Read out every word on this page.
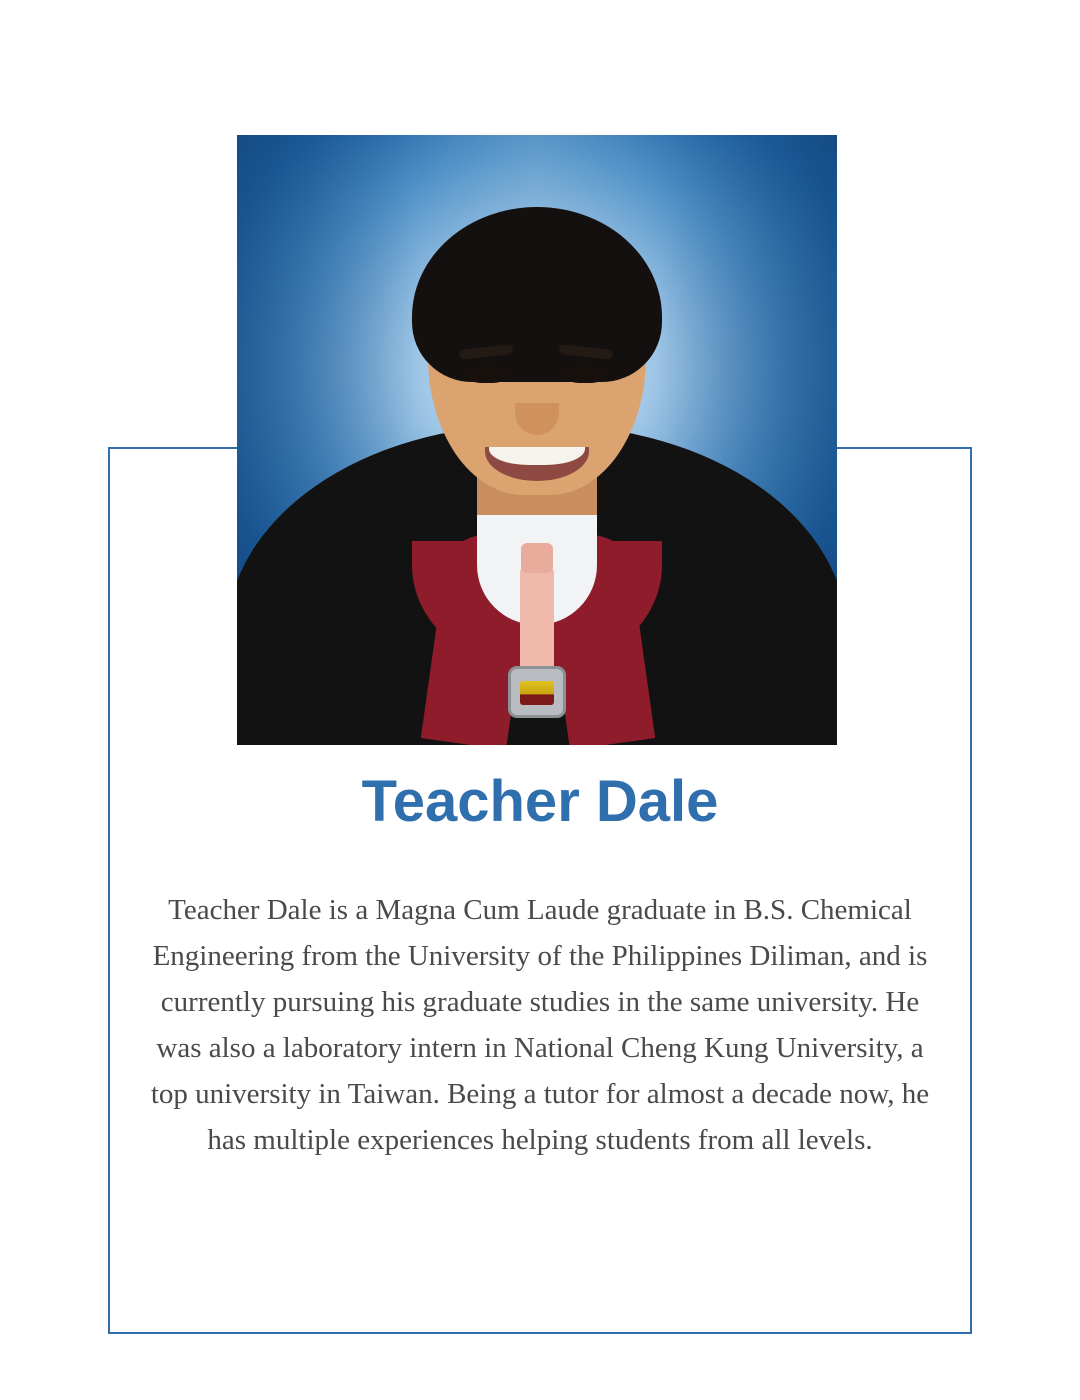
Teacher Dale

Teacher Dale is a Magna Cum Laude graduate in B.S. Chemical Engineering from the University of the Philippines Diliman, and is currently pursuing his graduate studies in the same university. He was also a laboratory intern in National Cheng Kung University, a top university in Taiwan. Being a tutor for almost a decade now, he has multiple experiences helping students from all levels.
